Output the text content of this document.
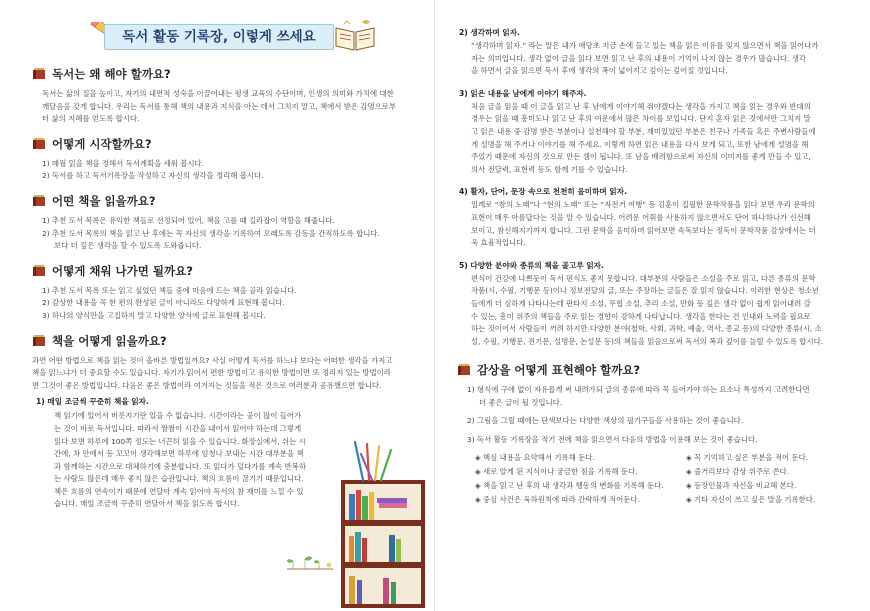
독서 활동 기록장, 이렇게 쓰세요
독서는 왜 해야 할까요?
독서는 삶의 질을 높이고, 자기의 내면적 성숙을 이끌어내는 평생 교육의 수단이며, 인생의 의미와 가치에 대한
깨달음을 갖게 합니다. 우리는 독서를 통해 책의 내용과 지식을 아는 데서 그치지 말고, 책에서 받은 감명으로부
터 삶의 지혜를 얻도록 합시다.
어떻게 시작할까요?
1) 매월 읽을 책을 정해서 독서계획을 세워 봅시다.
2) 독서를 하고 독서기록장을 작성하고 자신의 생각을 정리해 봅시다.
어떤 책을 읽을까요?
1) 추천 도서 목록은 유익한 책들로 선정되어 있어, 책을 고를 때 길라잡이 역할을 해줍니다.
2) 추천 도서 목록의 책을 읽고 난 후에는 꼭 자신의 생각을 기록하여 오래도록 감동을 간직하도록 합니다.
보다 더 깊은 생각을 할 수 있도록 도와줍니다.
어떻게 채워 나가면 될까요?
1) 추천 도서 목록 또는 읽고 싶었던 책들 중에 마음에 드는 책을 골라 읽습니다.
2) 감상한 내용을 꼭 한 편의 완성된 글이 아니라도 다양하게 표현해 봅니다.
3) 하나의 양식만을 고집하지 말고 다양한 양식에 글로 표현해 봅시다.
책을 어떻게 읽을까요?
과연 어떤 방법으로 책을 읽는 것이 올바른 방법일까요? 사실 어떻게 독서를 하느냐 보다는 어떠한 생각을 가지고
책을 읽느냐가 더 중요할 수도 있습니다. 자기가 읽어서 편한 방법이고 유익한 방법이면 또 정리지 있는 방법이라
면 그것이 좋은 방법입니다. 다음은 좋은 방법이라 여겨지는 것들을 적은 것으로 여러분과 공유했으면 합니다.
1) 매일 조금씩 꾸준히 책을 읽자.
책 읽기에 있어서 버릇지기란 있을 수 없습니다. 시간이라는 공이 많이 들어가
는 것이 바로 독서입니다. 따라서 짬짬이 시간을 내어서 읽어야 하는데 그렇게
읽다 보면 하루에 100쪽 정도는 너끈히 읽을 수 있습니다. 화장실에서, 쉬는 시
간에, 차 안에서 등 꼬꼬이 생각해보면 하루에 엄청나 보내는 시간 대부분을 책
과 함께하는 시간으로 대체하기에 충분합니다. 또 읽다가 덮다가를 계속 반복하
는 사람도 많은데 매우 좋지 않은 습관입니다. 책의 흐름이 끊기기 때문입니다.
책은 흐름의 연속이기 때문에 연달아 계속 읽어야 독서의 참 재미를 느낄 수 있
습니다. 매일 조금씩 꾸준히 연달아서 책을 읽도록 합시다.
2) 생각하며 읽자.
“생각하며 읽자.” 라는 말은 내가 애당초 지금 손에 들고 있는 책을 읽은 이유를 잊지 않으면서 책을 읽어나가
자는 의미입니다. 생각 없이 글을 읽다 보면 읽고 난 후의 내용이 기억이 나지 않는 경우가 많습니다. 생각
을 하면서 글을 읽으면 독서 후에 생각의 폭이 넓어지고 깊이는 깊어질 것입니다.
3) 읽은 내용을 남에게 이야기 해주자.
처음 글을 읽을 때 이 글을 읽고 난 후 남에게 이야기해 줘야겠다는 생각을 가지고 책을 읽는 경우와 반대의
경우는 읽을 때 흥미도나 읽고 난 후의 여운에서 많은 차이를 보입니다. 단지 혼자 읽은 것에서만 그치지 말
고 읽은 내용 중 감명 받은 부분이나 실천해야 할 부분, 재미있었던 부분은 친구나 가족들 혹은 주변사람들에
게 설명을 해 주거나 이야기를 해 주세요. 이렇게 하면 읽은 내용을 다시 보게 되고, 또한 남에게 설명을 해
주었기 때문에 자신의 것으로 만든 셈이 됩니다. 또 남을 배려함으로써 자신의 이미지를 좋게 만들 수 있고,
의사 전달력, 표현력 등도 함께 기를 수 있습니다.
4) 활자, 단어, 문장 속으로 천천히 음미하며 읽자.
일례로 “참의 노래”나 “현의 노래” 또는 “자전거 여행” 등 김훈이 집필한 문학작품을 읽다 보면 우리 문학의
표현이 매우 아름답다는 것을 알 수 있습니다. 어려운 어휘를 사용하지 않으면서도 단어 하나하나가 신선해
보이고, 참신해지기까지 합니다. 그런 문학을 음미하며 읽어보면 속독보다는 정독이 문학작품 감상에서는 더
욱 효율적입니다.
5) 다양한 분야와 종류의 책을 골고루 읽자.
편식이 건강에 나쁘듯이 독서 편식도 좋지 못합니다. 대부분의 사람들은 소설을 주로 읽고, 다른 종류의 문학
작품(시, 수필, 기행문 등)이나 정보전달의 글, 또는 주장하는 글들은 잘 읽지 않습니다. 이러한 현상은 청소년
들에게 더 심하게 나타나는데 판타지 소설, 무협 소설, 추리 소설, 만화 등 깊은 생각 없이 쉽게 읽어내려 갈
수 있는, 흥미 위주의 책들을 주로 읽는 경향이 강하게 나타납니다. 생각을 한다는 건 인내와 노력을 필요로
하는 것이어서 사람들이 꺼려 하지만 다양한 분야(철학, 사회, 과학, 예술, 역사, 종교 등)의 다양한 종류(시, 소
설, 수필, 기행문, 전기문, 설명문, 논설문 등)의 책들을 읽음으로써 독서의 폭과 깊이를 늘릴 수 있도록 합시다.
감상을 어떻게 표현해야 할까요?
1) 형식에 구애 없이 자유롭게 써 내려가되 글의 종류에 따라 꼭 들어가야 하는 요소나 특성까지 고려한다면
더 좋은 글이 될 것입니다.
2) 그림을 그릴 때에는 단색보다는 다양한 색상의 필기구들을 사용하는 것이 좋습니다.
3) 독서 활동 기록장을 적기 전에 책을 읽으면서 다음의 방법을 이용해 보는 것이 좋습니다.
◈ 핵심 내용을 요약해서 기록해 둔다.	◈ 꼭 기억하고 싶은 부분을 적어 둔다.
◈ 새로 알게 된 지식이나 궁금한 점을 기록해 둔다.	◈ 줄거리보다 감상 위주로 쓴다.
◈ 책을 읽고 난 후의 내 생각과 행동의 변화를 기록해 둔다.	◈ 등장인물과 자신을 비교해 본다.
◈ 중심 사건은 육하원칙에 따라 간략하게 적어둔다.	◈ 기타 자신이 쓰고 싶은 말을 기록한다.
